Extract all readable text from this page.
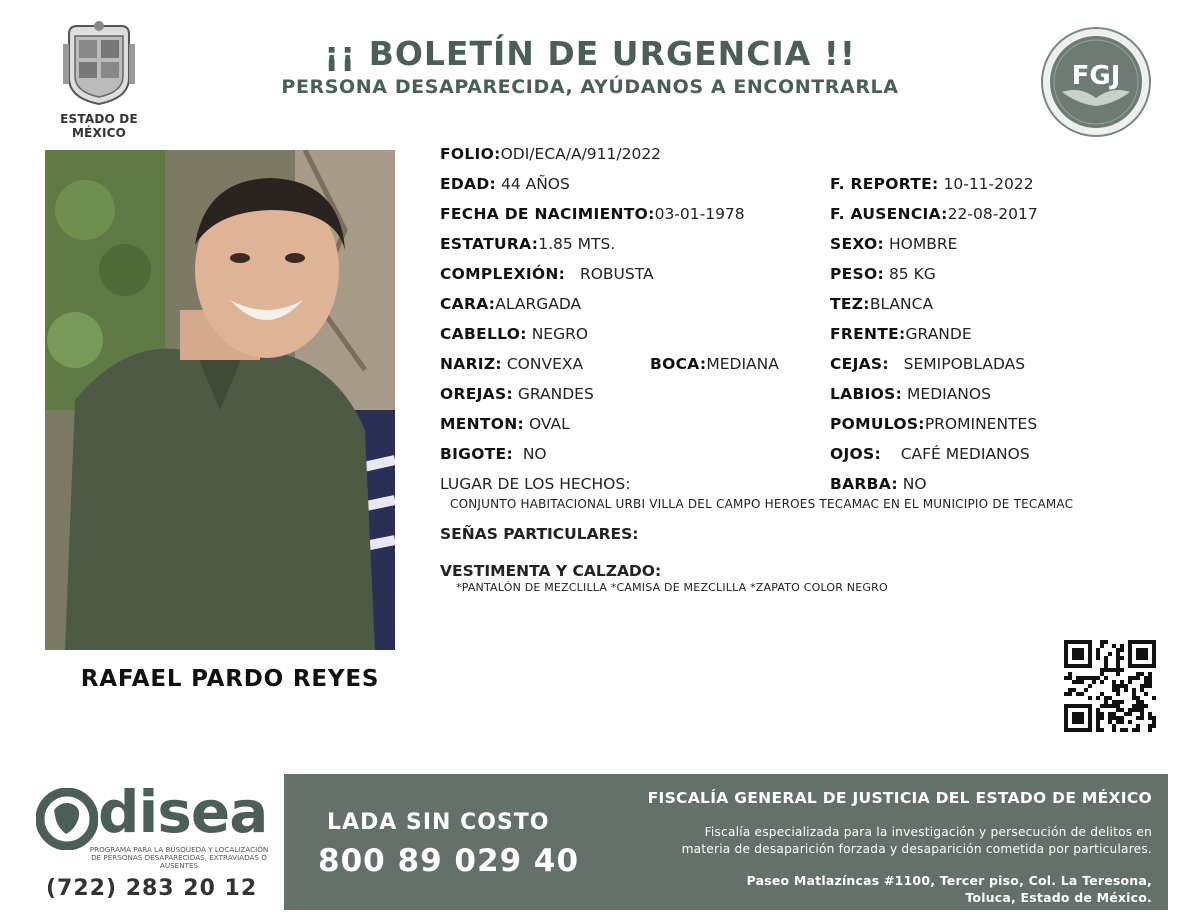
ESTADO DE MÉXICO
¡¡ BOLETÍN DE URGENCIA !!
PERSONA DESAPARECIDA, AYÚDANOS A ENCONTRARLA	FGJ
RAFAEL PARDO REYES
FOLIO:ODI/ECA/A/911/2022
EDAD: 44 AÑOS	F. REPORTE: 10-11-2022
FECHA DE NACIMIENTO:03-01-1978	F. AUSENCIA:22-08-2017
ESTATURA:1.85 MTS.	SEXO: HOMBRE
COMPLEXIÓN: ROBUSTA	PESO: 85 KG
CARA:ALARGADA	TEZ:BLANCA
CABELLO: NEGRO	FRENTE:GRANDE
NARIZ: CONVEXA	BOCA:MEDIANA	CEJAS: SEMIPOBLADAS
OREJAS: GRANDES	LABIOS: MEDIANOS
MENTON: OVAL	POMULOS:PROMINENTES
BIGOTE: NO	OJOS: CAFÉ MEDIANOS
LUGAR DE LOS HECHOS:	BARBA: NO
CONJUNTO HABITACIONAL URBI VILLA DEL CAMPO HEROES TECAMAC EN EL MUNICIPIO DE TECAMAC
SEÑAS PARTICULARES:
VESTIMENTA Y CALZADO:
*PANTALÓN DE MEZCLILLA *CAMISA DE MEZCLILLA *ZAPATO COLOR NEGRO
disea
PROGRAMA PARA LA BÚSQUEDA Y LOCALIZACIÓN DE PERSONAS DESAPARECIDAS, EXTRAVIADAS O AUSENTES
(722) 283 20 12
LADA SIN COSTO
800 89 029 40
FISCALÍA GENERAL DE JUSTICIA DEL ESTADO DE MÉXICO
Fiscalía especializada para la investigación y persecución de delitos en
materia de desaparición forzada y desaparición cometida por particulares.
Paseo Matlazíncas #1100, Tercer piso, Col. La Teresona,
Toluca, Estado de México.
